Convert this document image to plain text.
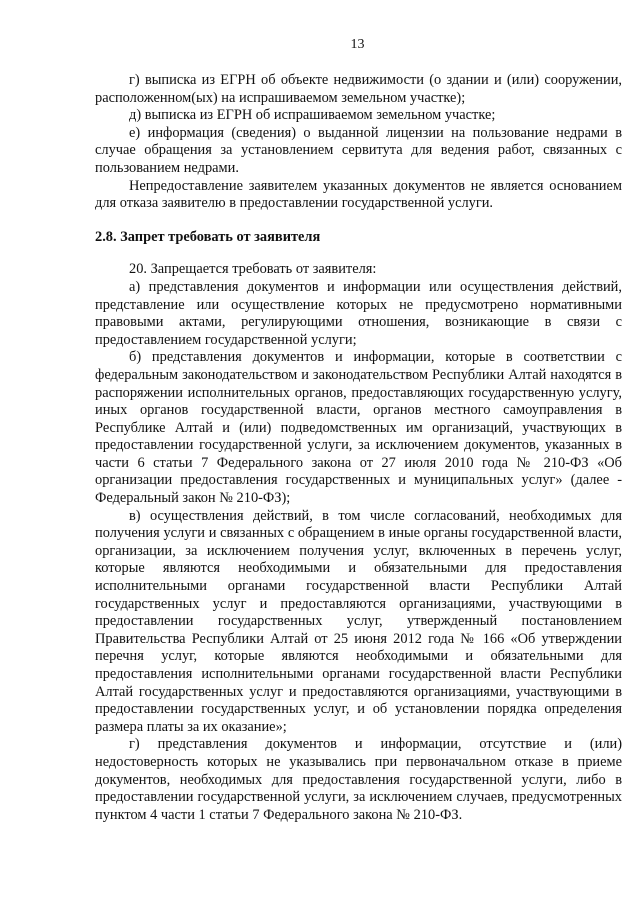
13

г) выписка из ЕГРН об объекте недвижимости (о здании и (или) сооружении, расположенном(ых) на испрашиваемом земельном участке);

д) выписка из ЕГРН об испрашиваемом земельном участке;

е) информация (сведения) о выданной лицензии на пользование недрами в случае обращения за установлением сервитута для ведения работ, связанных с пользованием недрами.

Непредоставление заявителем указанных документов не является основанием для отказа заявителю в предоставлении государственной услуги.

2.8. Запрет требовать от заявителя

20. Запрещается требовать от заявителя:

а) представления документов и информации или осуществления действий, представление или осуществление которых не предусмотрено нормативными правовыми актами, регулирующими отношения, возникающие в связи с предоставлением государственной услуги;

б) представления документов и информации, которые в соответствии с федеральным законодательством и законодательством Республики Алтай находятся в распоряжении исполнительных органов, предоставляющих государственную услугу, иных органов государственной власти, органов местного самоуправления в Республике Алтай и (или) подведомственных им организаций, участвующих в предоставлении государственной услуги, за исключением документов, указанных в части 6 статьи 7 Федерального закона от 27 июля 2010 года № 210-ФЗ «Об организации предоставления государственных и муниципальных услуг» (далее - Федеральный закон № 210-ФЗ);

в) осуществления действий, в том числе согласований, необходимых для получения услуги и связанных с обращением в иные органы государственной власти, организации, за исключением получения услуг, включенных в перечень услуг, которые являются необходимыми и обязательными для предоставления исполнительными органами государственной власти Республики Алтай государственных услуг и предоставляются организациями, участвующими в предоставлении государственных услуг, утвержденный постановлением Правительства Республики Алтай от 25 июня 2012 года № 166 «Об утверждении перечня услуг, которые являются необходимыми и обязательными для предоставления исполнительными органами государственной власти Республики Алтай государственных услуг и предоставляются организациями, участвующими в предоставлении государственных услуг, и об установлении порядка определения размера платы за их оказание»;

г) представления документов и информации, отсутствие и (или) недостоверность которых не указывались при первоначальном отказе в приеме документов, необходимых для предоставления государственной услуги, либо в предоставлении государственной услуги, за исключением случаев, предусмотренных пунктом 4 части 1 статьи 7 Федерального закона № 210-ФЗ.
